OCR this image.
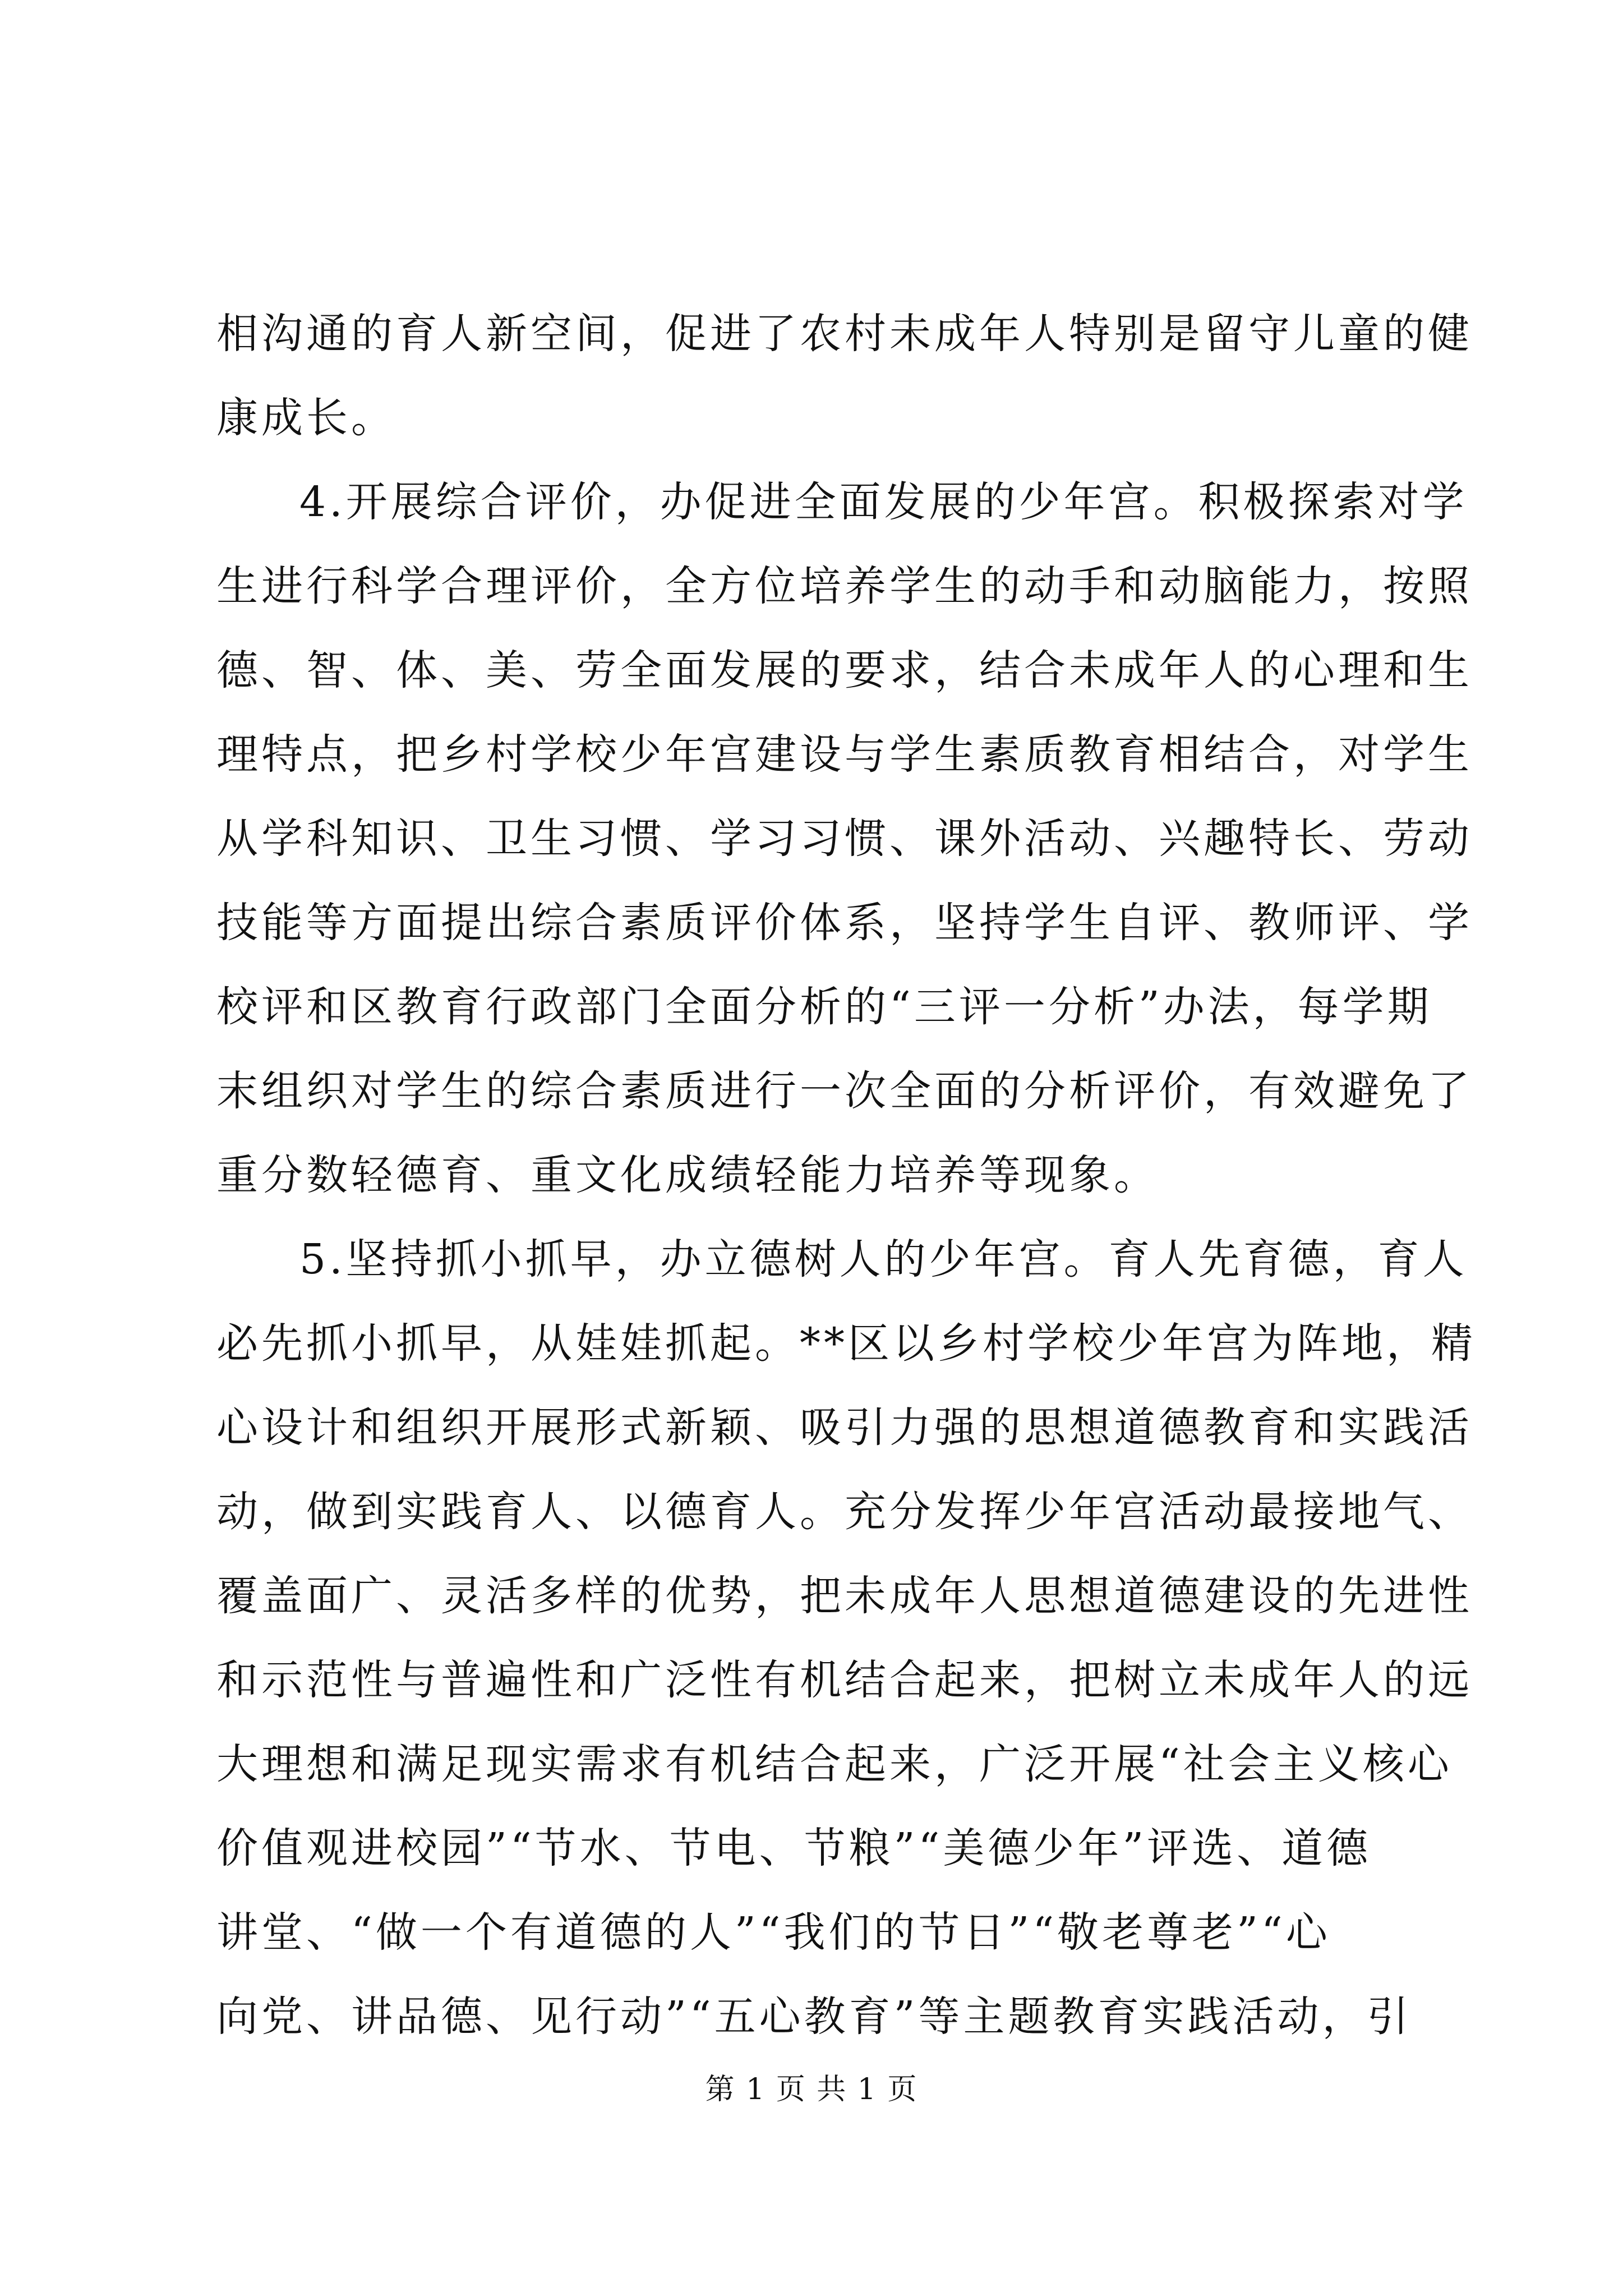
相沟通的育人新空间，促进了农村未成年人特别是留守儿童的健
康成长。
4.开展综合评价，办促进全面发展的少年宫。积极探索对学
生进行科学合理评价，全方位培养学生的动手和动脑能力，按照
德、智、体、美、劳全面发展的要求，结合未成年人的心理和生
理特点，把乡村学校少年宫建设与学生素质教育相结合，对学生
从学科知识、卫生习惯、学习习惯、课外活动、兴趣特长、劳动
技能等方面提出综合素质评价体系，坚持学生自评、教师评、学
校评和区教育行政部门全面分析的“三评一分析”办法，每学期
末组织对学生的综合素质进行一次全面的分析评价，有效避免了
重分数轻德育、重文化成绩轻能力培养等现象。
5.坚持抓小抓早，办立德树人的少年宫。育人先育德，育人
必先抓小抓早，从娃娃抓起。**区以乡村学校少年宫为阵地，精
心设计和组织开展形式新颖、吸引力强的思想道德教育和实践活
动，做到实践育人、以德育人。充分发挥少年宫活动最接地气、
覆盖面广、灵活多样的优势，把未成年人思想道德建设的先进性
和示范性与普遍性和广泛性有机结合起来，把树立未成年人的远
大理想和满足现实需求有机结合起来，广泛开展“社会主义核心
价值观进校园”“节水、节电、节粮”“美德少年”评选、道德
讲堂、“做一个有道德的人”“我们的节日”“敬老尊老”“心
向党、讲品德、见行动”“五心教育”等主题教育实践活动，引
第 1 页 共 1 页
